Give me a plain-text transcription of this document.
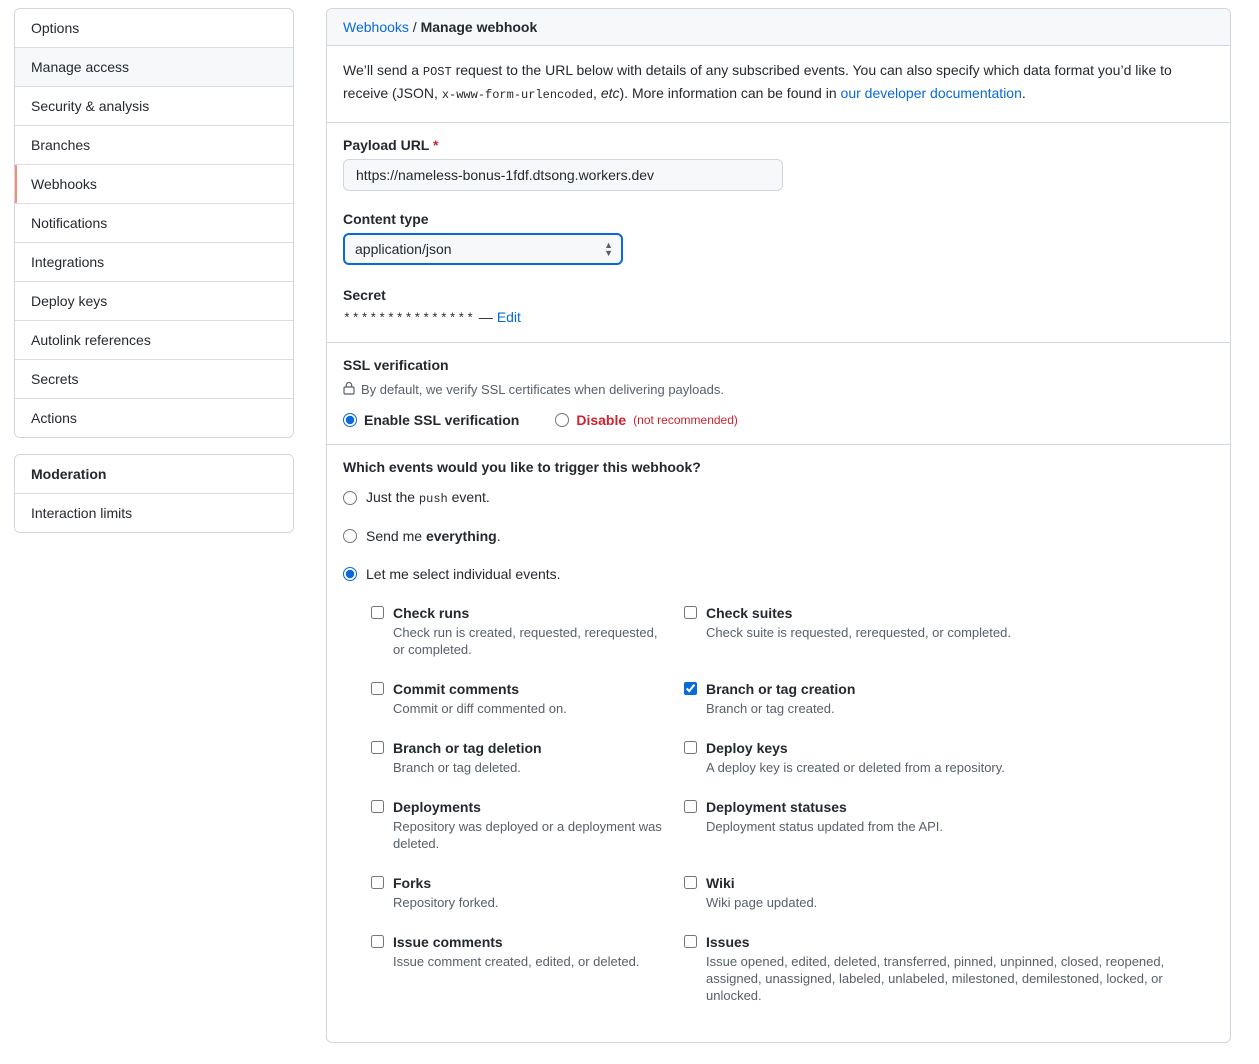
Options
Manage access
Security & analysis
Branches
Webhooks
Notifications
Integrations
Deploy keys
Autolink references
Secrets
Actions
Moderation
Interaction limits
Webhooks / Manage webhook
We’ll send a POST request to the URL below with details of any subscribed events. You can also specify which data format you’d like to receive (JSON, x-www-form-urlencoded, etc). More information can be found in our developer documentation.
Payload URL *
https://nameless-bonus-1fdf.dtsong.workers.dev
Content type
application/json
▲
▼
Secret
*************** — Edit
SSL verification
By default, we verify SSL certificates when delivering payloads.
Enable SSL verification	Disable (not recommended)
Which events would you like to trigger this webhook?
Just the push event.
Send me everything.
Let me select individual events.
Check runs
Check run is created, requested, rerequested, or completed.
Check suites
Check suite is requested, rerequested, or completed.
Commit comments
Commit or diff commented on.
Branch or tag creation
Branch or tag created.
Branch or tag deletion
Branch or tag deleted.
Deploy keys
A deploy key is created or deleted from a repository.
Deployments
Repository was deployed or a deployment was deleted.
Deployment statuses
Deployment status updated from the API.
Forks
Repository forked.
Wiki
Wiki page updated.
Issue comments
Issue comment created, edited, or deleted.
Issues
Issue opened, edited, deleted, transferred, pinned, unpinned, closed, reopened, assigned, unassigned, labeled, unlabeled, milestoned, demilestoned, locked, or unlocked.
